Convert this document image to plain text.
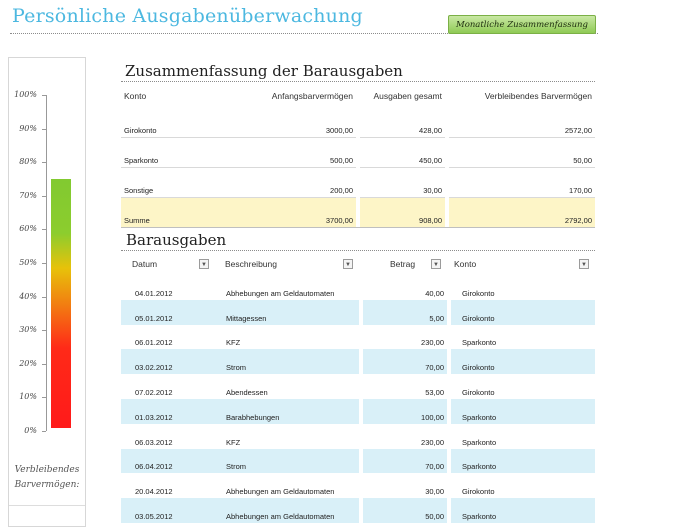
Persönliche Ausgabenüberwachung	Monatliche Zusammenfassung
100%
90%
80%
70%
60%
50%
40%
30%
20%
10%
0%
Verbleibendes
Barvermögen:
Zusammenfassung der Barausgaben
Konto	Anfangsbarvermögen		Ausgaben gesamt		Verbleibendes Barvermögen
Girokonto	3000,00		428,00		2572,00
Sparkonto	500,00		450,00		50,00
Sonstige	200,00		30,00		170,00
Summe	3700,00		908,00		2792,00
Barausgaben
Datum ▼	Beschreibung ▼		Betrag ▼		Konto ▼

04.01.2012	Abhebungen am Geldautomaten		40,00		Girokonto
05.01.2012	Mittagessen		5,00		Girokonto
06.01.2012	KFZ		230,00		Sparkonto
03.02.2012	Strom		70,00		Girokonto
07.02.2012	Abendessen		53,00		Girokonto
01.03.2012	Barabhebungen		100,00		Sparkonto
06.03.2012	KFZ		230,00		Sparkonto
06.04.2012	Strom		70,00		Sparkonto
20.04.2012	Abhebungen am Geldautomaten		30,00		Girokonto
03.05.2012	Abhebungen am Geldautomaten		50,00		Sparkonto
